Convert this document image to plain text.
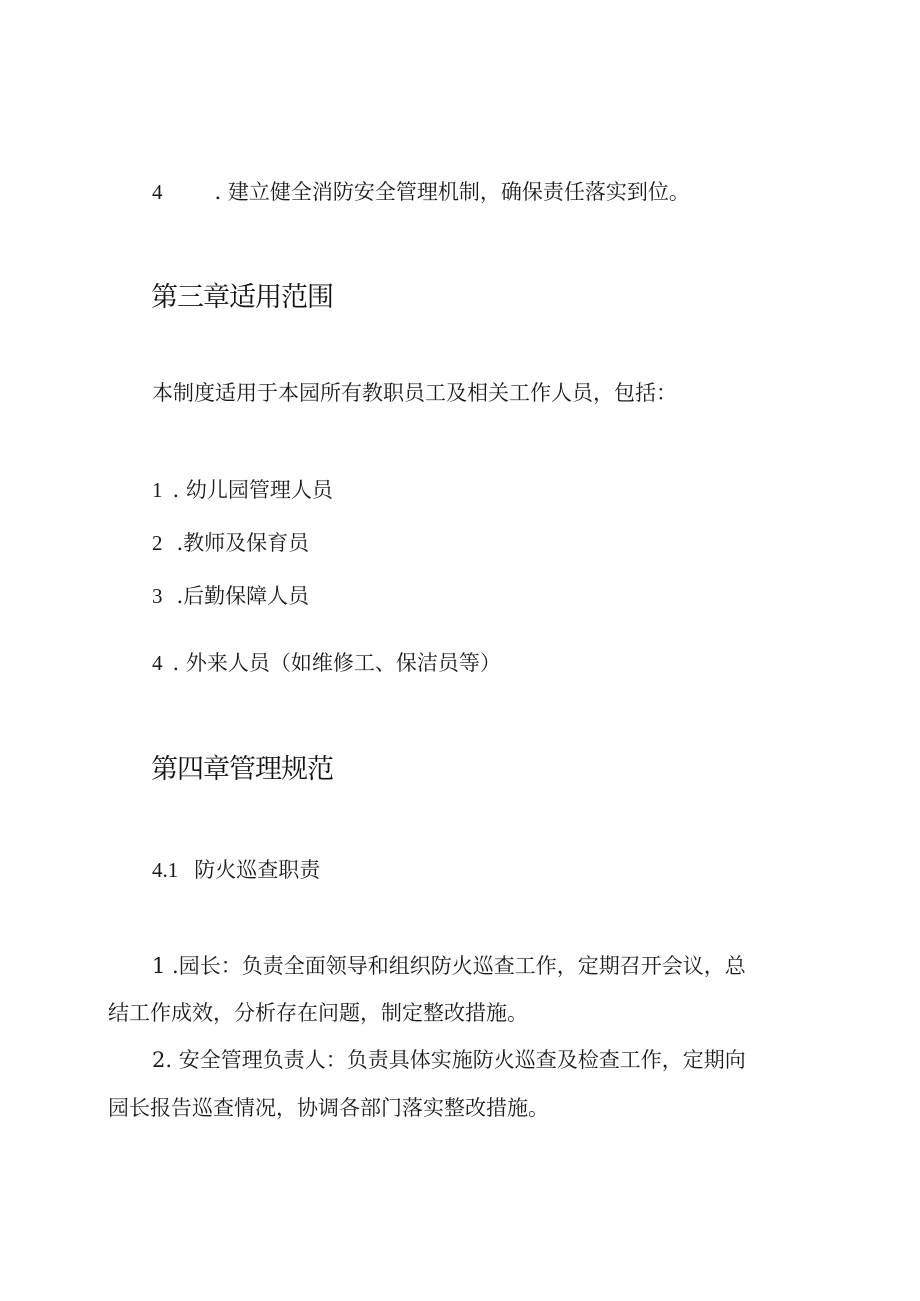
4 . 建立健全消防安全管理机制，确保责任落实到位。
第三章适用范围
本制度适用于本园所有教职员工及相关工作人员，包括：
1 . 幼儿园管理人员
2 .教师及保育员
3 .后勤保障人员
4 . 外来人员（如维修工、保洁员等）
第四章管理规范
4.1 防火巡查职责
1 .园长：负责全面领导和组织防火巡查工作，定期召开会议，总
结工作成效，分析存在问题，制定整改措施。
2. 安全管理负责人：负责具体实施防火巡查及检查工作，定期向
园长报告巡查情况，协调各部门落实整改措施。
